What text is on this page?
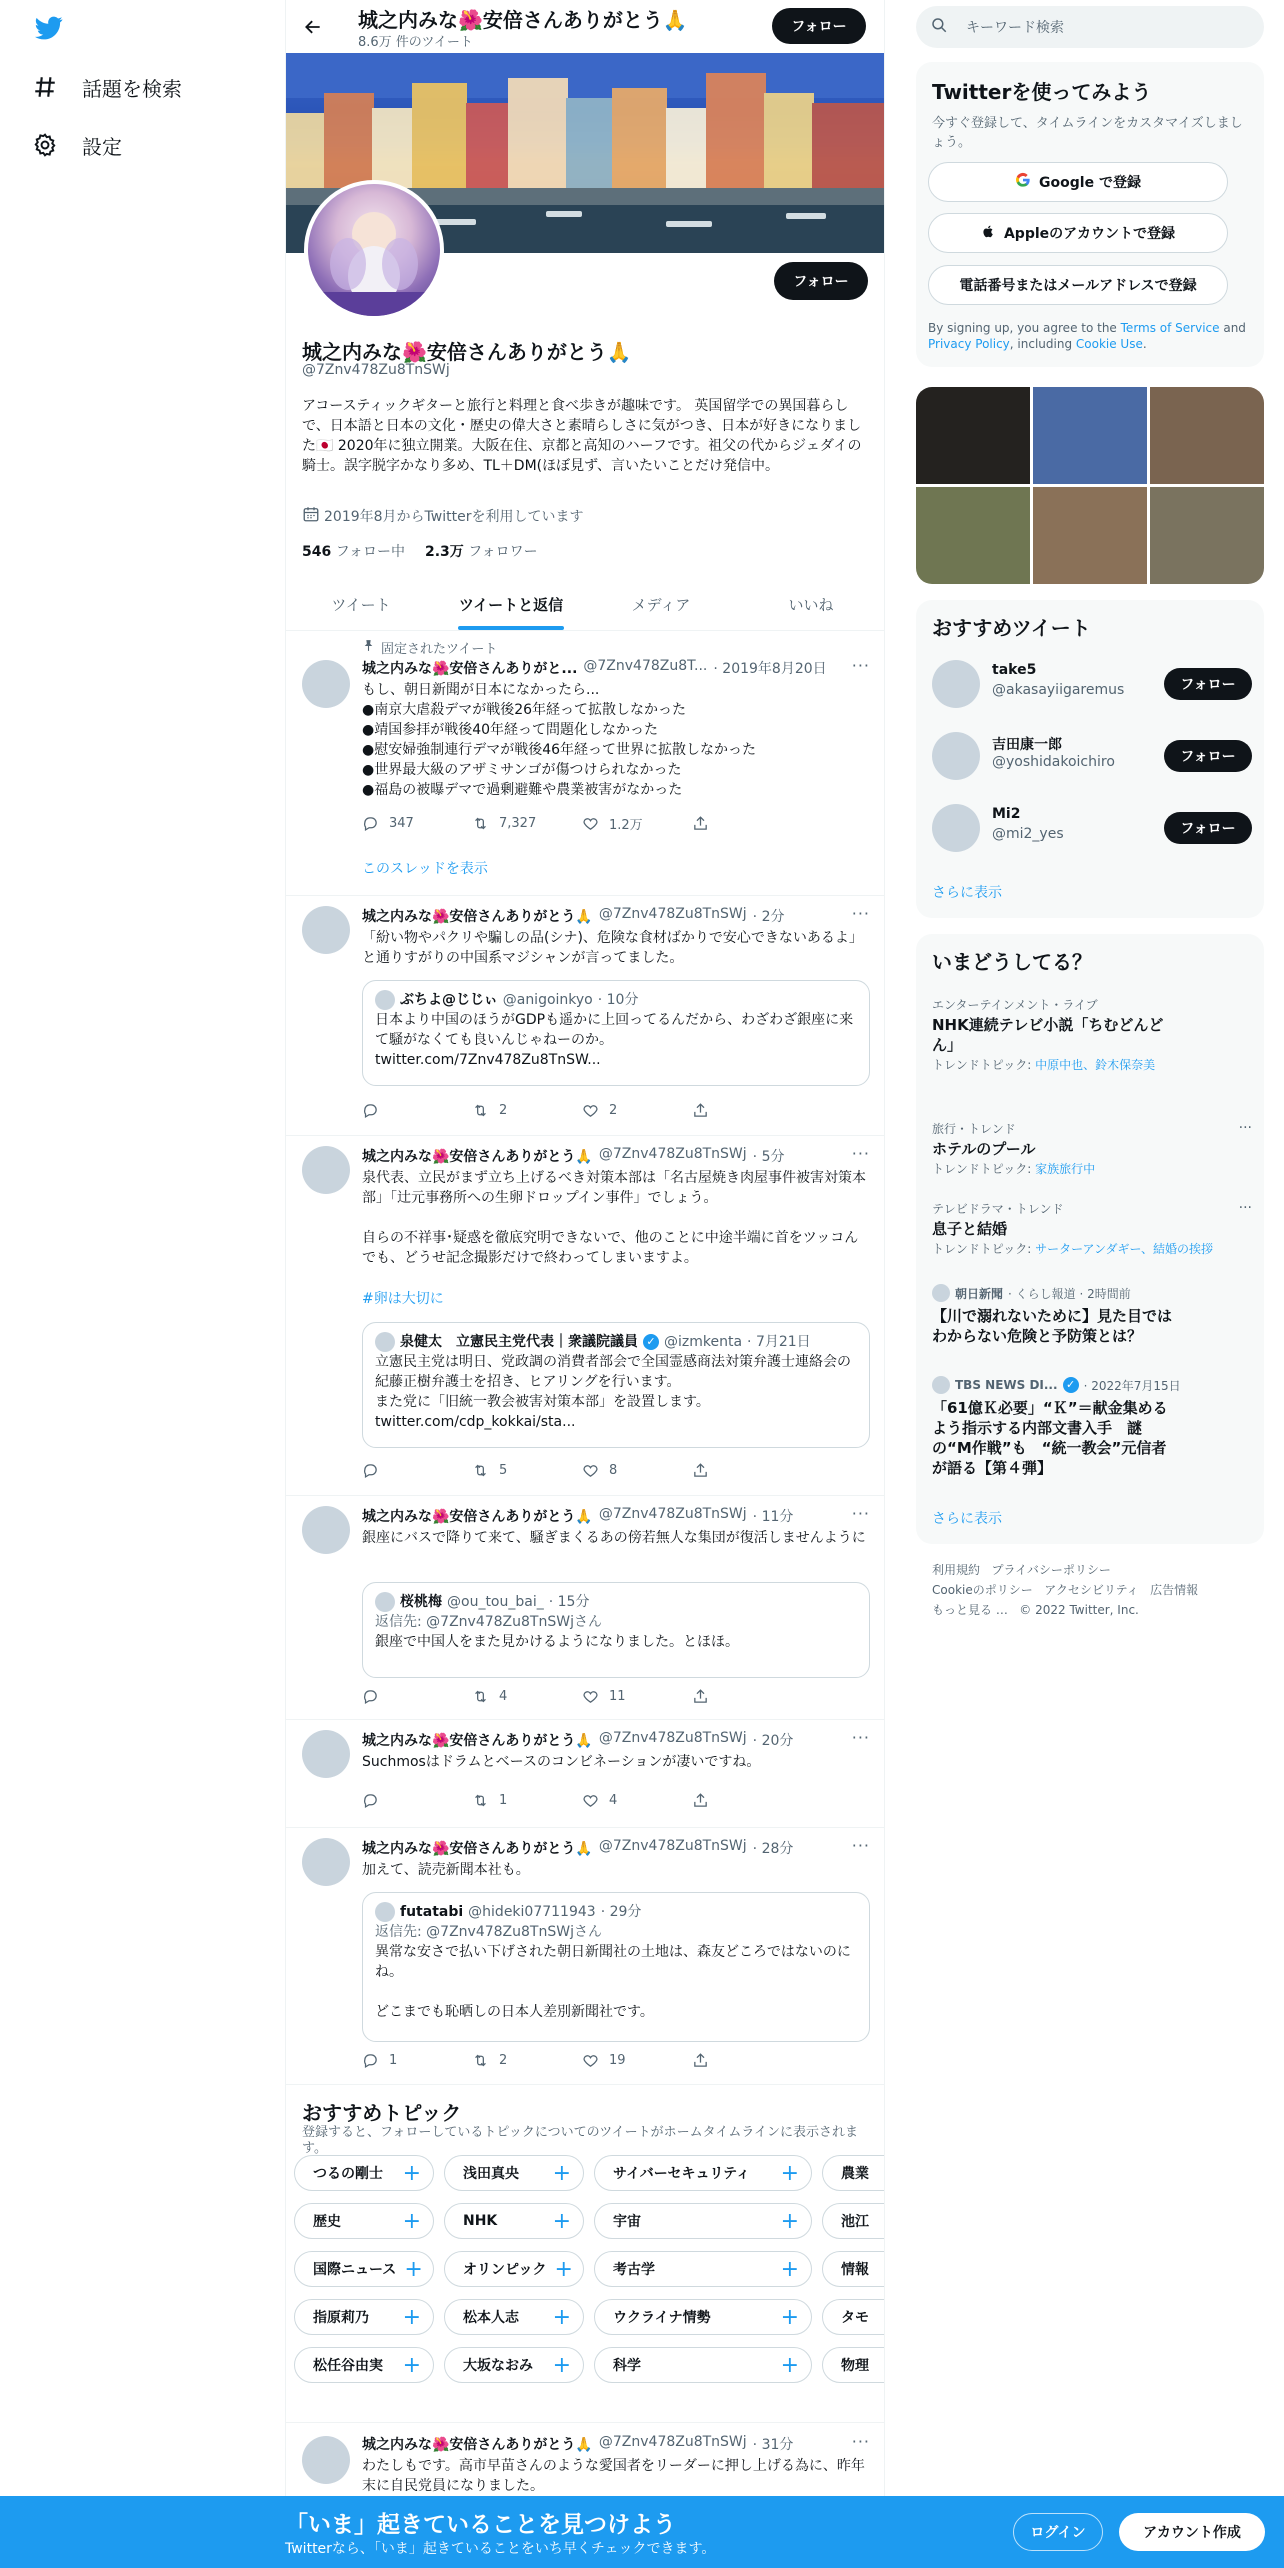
話題を検索
設定
城之内みな🌺安倍さんありがとう🙏
8.6万 件のツイート
フォロー
フォロー
城之内みな🌺安倍さんありがとう🙏
@7Znv478Zu8TnSWj
アコースティックギターと旅行と料理と食べ歩きが趣味です。 英国留学での異国暮らしで、日本語と日本の文化・歴史の偉大さと素晴らしさに気がつき、日本が好きになりました🇯🇵 2020年に独立開業。大阪在住、京都と高知のハーフです。祖父の代からジェダイの騎士。誤字脱字かなり多め、TL＋DM(ほぼ見ず、言いたいことだけ発信中。
2019年8月からTwitterを利用しています
546 フォロー中 2.3万 フォロワー
ツイート	ツイートと返信	メディア	いいね
固定されたツイート
城之内みな🌺安倍さんありがと... @7Znv478Zu8T... · 2019年8月20日 ···
もし、朝日新聞が日本になかったら...
●南京大虐殺デマが戦後26年経って拡散しなかった
●靖国参拝が戦後40年経って問題化しなかった
●慰安婦強制連行デマが戦後46年経って世界に拡散しなかった
●世界最大級のアザミサンゴが傷つけられなかった
●福島の被曝デマで過剰避難や農業被害がなかった
347	7,327	1.2万
このスレッドを表示
城之内みな🌺安倍さんありがとう🙏 @7Znv478Zu8TnSWj · 2分	···
「紛い物やパクリや騙しの品(シナ)、危険な食材ばかりで安心できないあるよ」と通りすがりの中国系マジシャンが言ってました。
ぶちよ@じじぃ @anigoinkyo · 10分
日本より中国のほうがGDPも遥かに上回ってるんだから、わざわざ銀座に来て騒がなくても良いんじゃねーのか。
twitter.com/7Znv478Zu8TnSW...
2	2
城之内みな🌺安倍さんありがとう🙏 @7Znv478Zu8TnSWj · 5分	···
泉代表、立民がまず立ち上げるべき対策本部は「名古屋焼き肉屋事件被害対策本部」「辻元事務所への生卵ドロップイン事件」でしょう。

自らの不祥事･疑惑を徹底究明できないで、他のことに中途半端に首をツッコんでも、どうせ記念撮影だけで終わってしまいますよ。
#卵は大切に
泉健太　立憲民主党代表｜衆議院議員 ✓ @izmkenta · 7月21日
立憲民主党は明日、党政調の消費者部会で全国霊感商法対策弁護士連絡会の紀藤正樹弁護士を招き、ヒアリングを行います。
また党に「旧統一教会被害対策本部」を設置します。
twitter.com/cdp_kokkai/sta...
5	8
城之内みな🌺安倍さんありがとう🙏 @7Znv478Zu8TnSWj · 11分	···
銀座にバスで降りて来て、騒ぎまくるあの傍若無人な集団が復活しませんように
桜桃梅 @ou_tou_bai_ · 15分
返信先: @7Znv478Zu8TnSWjさん
銀座で中国人をまた見かけるようになりました。とほほ。
4	11
城之内みな🌺安倍さんありがとう🙏 @7Znv478Zu8TnSWj · 20分	···
Suchmosはドラムとベースのコンビネーションが凄いですね。
1	4
城之内みな🌺安倍さんありがとう🙏 @7Znv478Zu8TnSWj · 28分	···
加えて、読売新聞本社も。
futatabi @hideki07711943 · 29分
返信先: @7Znv478Zu8TnSWjさん
異常な安さで払い下げされた朝日新聞社の土地は、森友どころではないのにね。

どこまでも恥晒しの日本人差別新聞社です。
1	2	19
おすすめトピック
登録すると、フォローしているトピックについてのツイートがホームタイムラインに表示されます。
つるの剛士 +	浅田真央 +	サイバーセキュリティ +	農業
歴史	+	NHK	+	宇宙	+	池江
国際ニュース +	オリンピック +	考古学	+	情報
指原莉乃 +	松本人志 +	ウクライナ情勢	+	タモ
松任谷由実 +	大坂なおみ +	科学	+	物理
城之内みな🌺安倍さんありがとう🙏 @7Znv478Zu8TnSWj · 31分	···
わたしもです。高市早苗さんのような愛国者をリーダーに押し上げる為に、昨年末に自民党員になりました。
キーワード検索
Twitterを使ってみよう
今すぐ登録して、タイムラインをカスタマイズしましょう。
Google で登録
Appleのアカウントで登録
電話番号またはメールアドレスで登録
By signing up, you agree to the Terms of Service and Privacy Policy, including Cookie Use.
おすすめツイート
take5
@akasayiigaremus	フォロー
吉田康一郎
@yoshidakoichiro	フォロー
Mi2
@mi2_yes	フォロー
さらに表示
いまどうしてる？
エンターテインメント・ライブ
NHK連続テレビ小説「ちむどんどん」
トレンドトピック: 中原中也、鈴木保奈美
旅行・トレンド
ホテルのプール
トレンドトピック: 家族旅行中
···
テレビドラマ・トレンド
息子と結婚
トレンドトピック: サーターアンダギー、結婚の挨拶
···
朝日新聞 · くらし報道 · 2時間前
【川で溺れないために】見た目ではわからない危険と予防策とは？
TBS NEWS DI... ✓ · 2022年7月15日
「61億Ｋ必要」“Ｋ”＝献金集めるよう指示する内部文書入手　謎の“M作戦”も　“統一教会”元信者が語る【第４弾】
さらに表示
利用規約 プライバシーポリシー
Cookieのポリシー アクセシビリティ 広告情報
もっと見る … © 2022 Twitter, Inc.
「いま」起きていることを見つけよう
Twitterなら、「いま」起きていることをいち早くチェックできます。
ログイン	アカウント作成
